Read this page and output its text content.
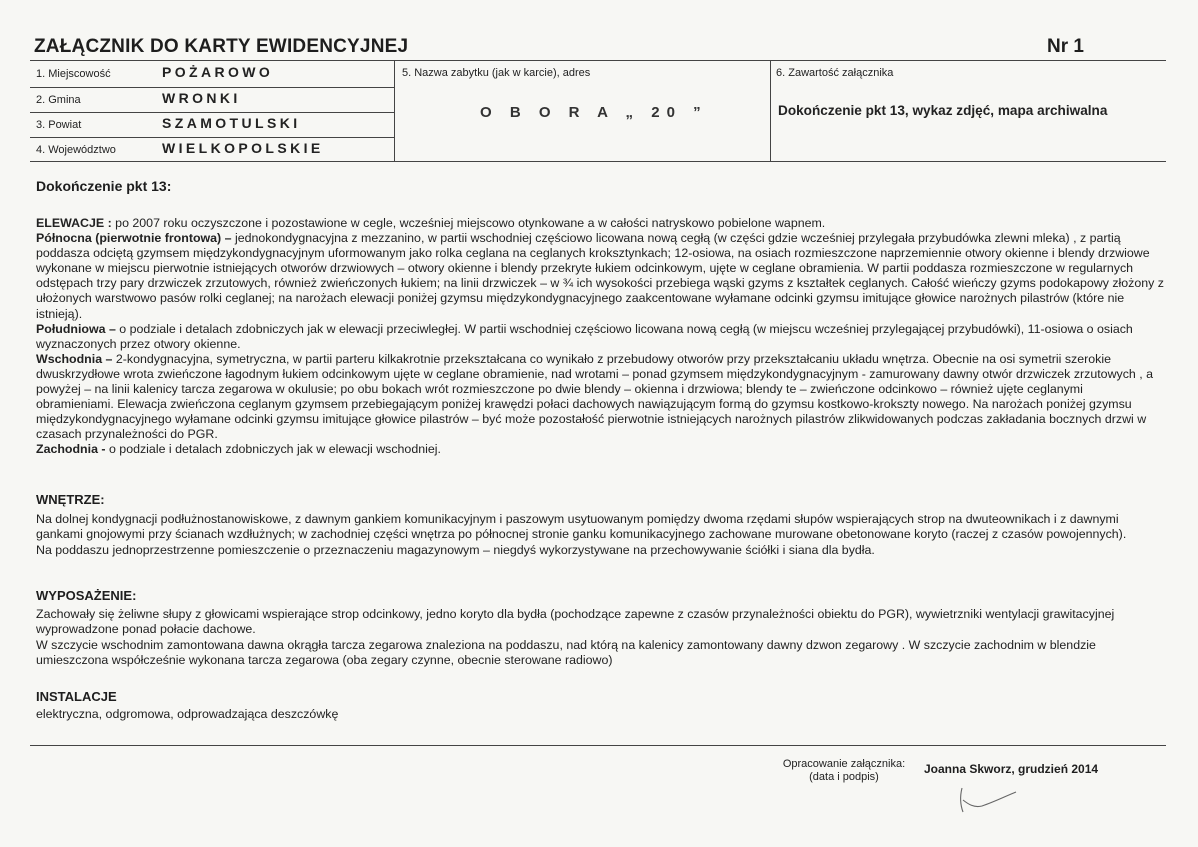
ZAŁĄCZNIK DO KARTY EWIDENCYJNEJ	Nr 1
1. Miejscowość	POŻAROWO
2. Gmina	WRONKI
3. Powiat	SZAMOTULSKI
4. Województwo	WIELKOPOLSKIE
5. Nazwa zabytku (jak w karcie), adres
O B O R A „ 20 ”
6. Zawartość załącznika
Dokończenie pkt 13, wykaz zdjęć, mapa archiwalna
Dokończenie pkt 13:

ELEWACJE : po 2007 roku oczyszczone i pozostawione w cegle, wcześniej miejscowo otynkowane a w całości natryskowo pobielone wapnem.

Północna (pierwotnie frontowa) – jednokondygnacyjna z mezzanino, w partii wschodniej częściowo licowana nową cegłą (w części gdzie wcześniej przylegała przybudówka zlewni mleka) , z partią poddasza odciętą gzymsem międzykondygnacyjnym uformowanym jako rolka ceglana na ceglanych kroksztynkach; 12-osiowa, na osiach rozmieszczone naprzemiennie otwory okienne i blendy drzwiowe wykonane w miejscu pierwotnie istniejących otworów drzwiowych – otwory okienne i blendy przekryte łukiem odcinkowym, ujęte w ceglane obramienia. W partii poddasza rozmieszczone w regularnych odstępach trzy pary drzwiczek zrzutowych, również zwieńczonych łukiem; na linii drzwiczek – w ¾ ich wysokości przebiega wąski gzyms z kształtek ceglanych. Całość wieńczy gzyms podokapowy złożony z ułożonych warstwowo pasów rolki ceglanej; na narożach elewacji poniżej gzymsu międzykondygnacyjnego zaakcentowane wyłamane odcinki gzymsu imitujące głowice narożnych pilastrów (które nie istnieją).

Południowa – o podziale i detalach zdobniczych jak w elewacji przeciwległej. W partii wschodniej częściowo licowana nową cegłą (w miejscu wcześniej przylegającej przybudówki), 11-osiowa o osiach wyznaczonych przez otwory okienne.

Wschodnia – 2-kondygnacyjna, symetryczna, w partii parteru kilkakrotnie przekształcana co wynikało z przebudowy otworów przy przekształcaniu układu wnętrza. Obecnie na osi symetrii szerokie dwuskrzydłowe wrota zwieńczone łagodnym łukiem odcinkowym ujęte w ceglane obramienie, nad wrotami – ponad gzymsem międzykondygnacyjnym - zamurowany dawny otwór drzwiczek zrzutowych , a powyżej – na linii kalenicy tarcza zegarowa w okulusie; po obu bokach wrót rozmieszczone po dwie blendy – okienna i drzwiowa; blendy te – zwieńczone odcinkowo – również ujęte ceglanymi obramieniami. Elewacja zwieńczona ceglanym gzymsem przebiegającym poniżej krawędzi połaci dachowych nawiązującym formą do gzymsu kostkowo-krokszty nowego. Na narożach poniżej gzymsu międzykondygnacyjnego wyłamane odcinki gzymsu imitujące głowice pilastrów – być może pozostałość pierwotnie istniejących narożnych pilastrów zlikwidowanych podczas zakładania bocznych drzwi w czasach przynależności do PGR.

Zachodnia - o podziale i detalach zdobniczych jak w elewacji wschodniej.

WNĘTRZE:

Na dolnej kondygnacji podłużnostanowiskowe, z dawnym gankiem komunikacyjnym i paszowym usytuowanym pomiędzy dwoma rzędami słupów wspierających strop na dwuteownikach i z dawnymi gankami gnojowymi przy ścianach wzdłużnych; w zachodniej części wnętrza po północnej stronie ganku komunikacyjnego zachowane murowane obetonowane koryto (raczej z czasów powojennych).

Na poddaszu jednoprzestrzenne pomieszczenie o przeznaczeniu magazynowym – niegdyś wykorzystywane na przechowywanie ściółki i siana dla bydła.

WYPOSAŻENIE:

Zachowały się żeliwne słupy z głowicami wspierające strop odcinkowy, jedno koryto dla bydła (pochodzące zapewne z czasów przynależności obiektu do PGR), wywietrzniki wentylacji grawitacyjnej wyprowadzone ponad połacie dachowe.

W szczycie wschodnim zamontowana dawna okrągła tarcza zegarowa znaleziona na poddaszu, nad którą na kalenicy zamontowany dawny dzwon zegarowy . W szczycie zachodnim w blendzie umieszczona współcześnie wykonana tarcza zegarowa (oba zegary czynne, obecnie sterowane radiowo)

INSTALACJE
elektryczna, odgromowa, odprowadzająca deszczówkę
Opracowanie załącznika:
(data i podpis)
Joanna Skworz, grudzień 2014
